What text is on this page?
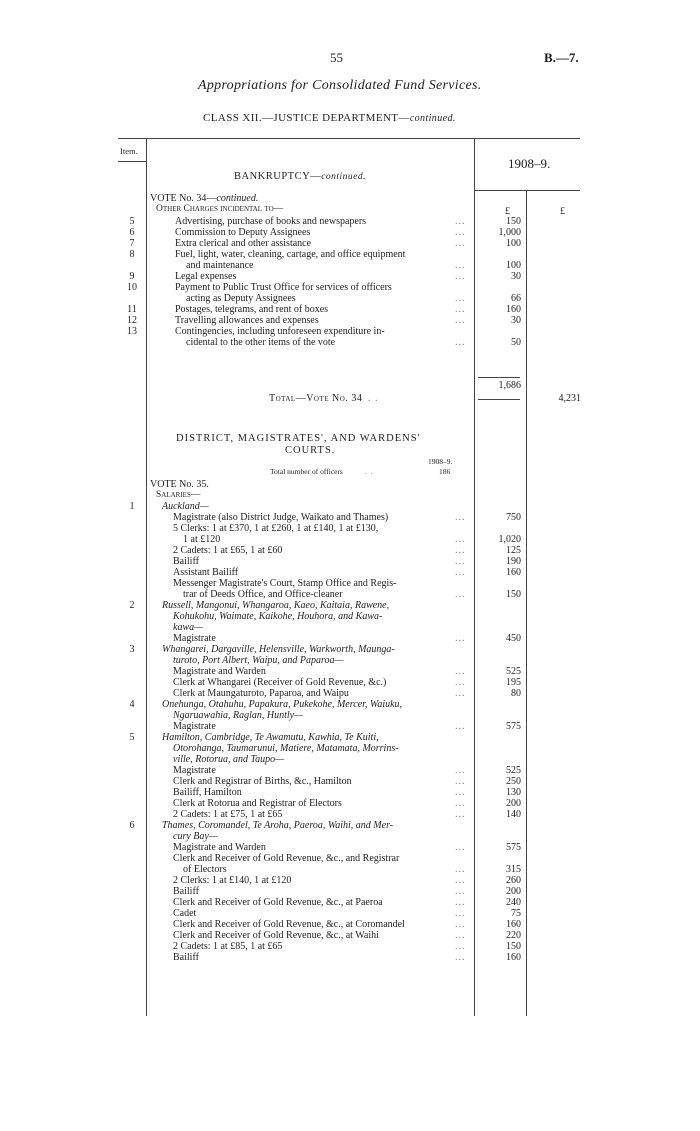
55	B.—7.
Appropriations for Consolidated Fund Services.
CLASS XII.—JUSTICE DEPARTMENT—continued.
Item.
1908–9.
BANKRUPTCY—continued.
VOTE No. 34—continued.
Other Charges incidental to—	£	£
5	Advertising, purchase of books and newspapers	...	150
6	Commission to Deputy Assignees	...	1,000
7	Extra clerical and other assistance	...	100
8	Fuel, light, water, cleaning, cartage, and office equipment
and maintenance	...	100
9	Legal expenses	...	30
10	Payment to Public Trust Office for services of officers
acting as Deputy Assignees	...	66
11	Postages, telegrams, and rent of boxes	...	160
12	Travelling allowances and expenses	...	30
13	Contingencies, including unforeseen expenditure in-
cidental to the other items of the vote	...	50
1,686
Total—Vote No. 34 . .	4,231
DISTRICT, MAGISTRATES', AND WARDENS'
COURTS.
1908–9.
Total number of officers	. .	186
VOTE No. 35.
Salaries—
Auckland—
1
Magistrate (also District Judge, Waikato and Thames)	...	750
5 Clerks: 1 at £370, 1 at £260, 1 at £140, 1 at £130,
1 at £120	...	1,020
2 Cadets: 1 at £65, 1 at £60	...	125
Bailiff	...	190
Assistant Bailiff	...	160
Messenger Magistrate's Court, Stamp Office and Regis-
trar of Deeds Office, and Office-cleaner	...	150
2	Russell, Mangonui, Whangaroa, Kaeo, Kaitaia, Rawene,
Kohukohu, Waimate, Kaikohe, Houhora, and Kawa-
kawa—
Magistrate	...	450
3	Whangarei, Dargaville, Helensville, Warkworth, Maunga-
turoto, Port Albert, Waipu, and Paparoa—
Magistrate and Warden	...	525
Clerk at Whangarei (Receiver of Gold Revenue, &c.)	...	195
Clerk at Maungaturoto, Paparoa, and Waipu	...	80
4	Onehunga, Otahuhu, Papakura, Pukekohe, Mercer, Waiuku,
Ngaruawahia, Raglan, Huntly—
Magistrate	...	575
5	Hamilton, Cambridge, Te Awamutu, Kawhia, Te Kuiti,
Otorohanga, Taumarunui, Matiere, Matamata, Morrins-
ville, Rotorua, and Taupo—
Magistrate	...	525
Clerk and Registrar of Births, &c., Hamilton	...	250
Bailiff, Hamilton	...	130
Clerk at Rotorua and Registrar of Electors	...	200
2 Cadets: 1 at £75, 1 at £65	...	140
6	Thames, Coromandel, Te Aroha, Paeroa, Waihi, and Mer-
cury Bay—
Magistrate and Warden	...	575
Clerk and Receiver of Gold Revenue, &c., and Registrar
of Electors	...	315
2 Clerks: 1 at £140, 1 at £120	...	260
Bailiff	...	200
Clerk and Receiver of Gold Revenue, &c., at Paeroa	...	240
Cadet	...	75
Clerk and Receiver of Gold Revenue, &c., at Coromandel	...	160
Clerk and Receiver of Gold Revenue, &c., at Waihi	...	220
2 Cadets: 1 at £85, 1 at £65	...	150
Bailiff	...	160
